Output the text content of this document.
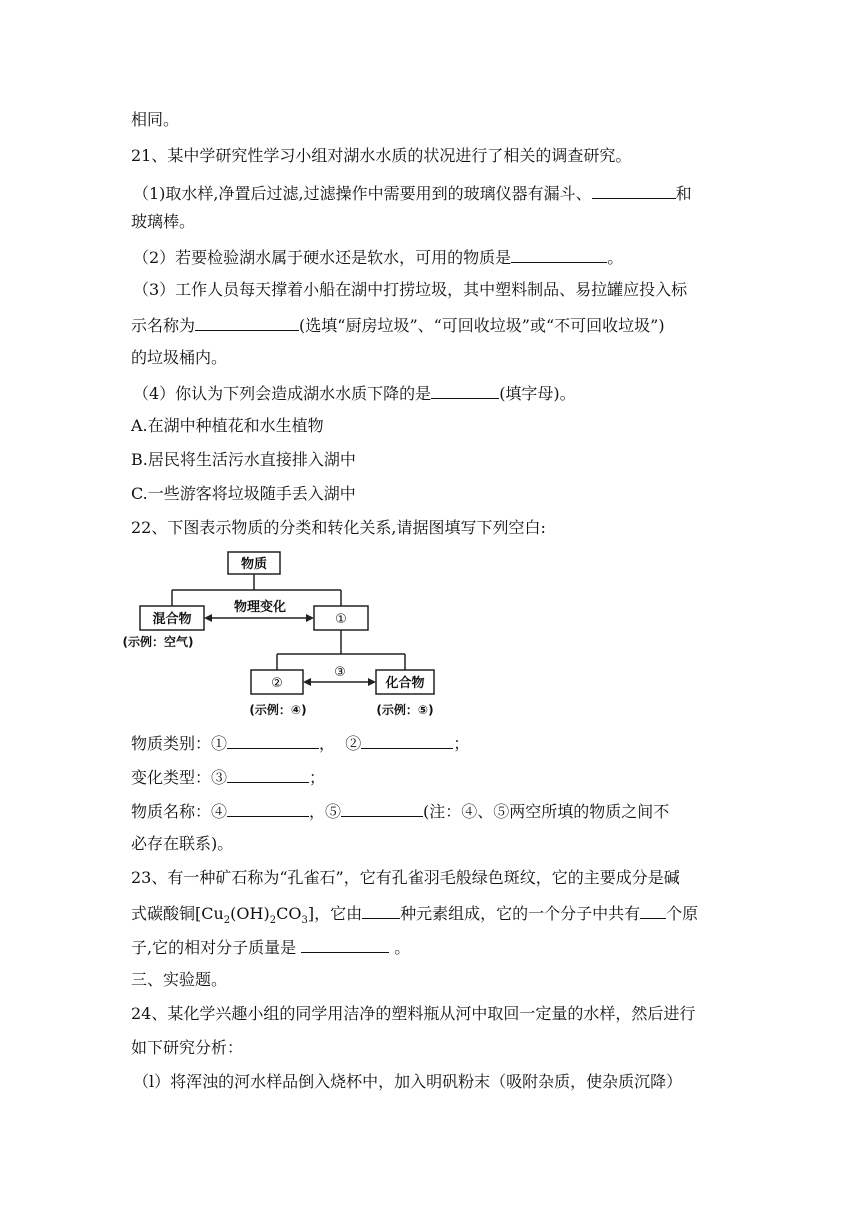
相同。
21、某中学研究性学习小组对湖水水质的状况进行了相关的调查研究。
（1)取水样,净置后过滤,过滤操作中需要用到的玻璃仪器有漏斗、	和
玻璃棒。
（2）若要检验湖水属于硬水还是软水，可用的物质是	。
（3）工作人员每天撑着小船在湖中打捞垃圾，其中塑料制品、易拉罐应投入标
示名称为	(选填“厨房垃圾”、“可回收垃圾”或“不可回收垃圾”)
的垃圾桶内。
（4）你认为下列会造成湖水水质下降的是	(填字母)。
A.在湖中种植花和水生植物
B.居民将生活污水直接排入湖中
C.一些游客将垃圾随手丢入湖中
22、下图表示物质的分类和转化关系,请据图填写下列空白:
物质
混合物
物理变化
①
(示例：空气)
②
③
化合物
(示例：④)	(示例：⑤)
物质类别：①	，  ②	；
变化类型：③	；
物质名称：④	，⑤	(注：④、⑤两空所填的物质之间不
必存在联系)。
23、有一种矿石称为“孔雀石”，它有孔雀羽毛般绿色斑纹，它的主要成分是碱
式碳酸铜$[Cu_2(OH)_2CO_3]$，它由 种元素组成，它的一个分子中共有 个原
子,它的相对分子质量是	。
三、实验题。
24、某化学兴趣小组的同学用洁净的塑料瓶从河中取回一定量的水样，然后进行
如下研究分析：
（l）将浑浊的河水样品倒入烧杯中，加入明矾粉末（吸附杂质，使杂质沉降）
